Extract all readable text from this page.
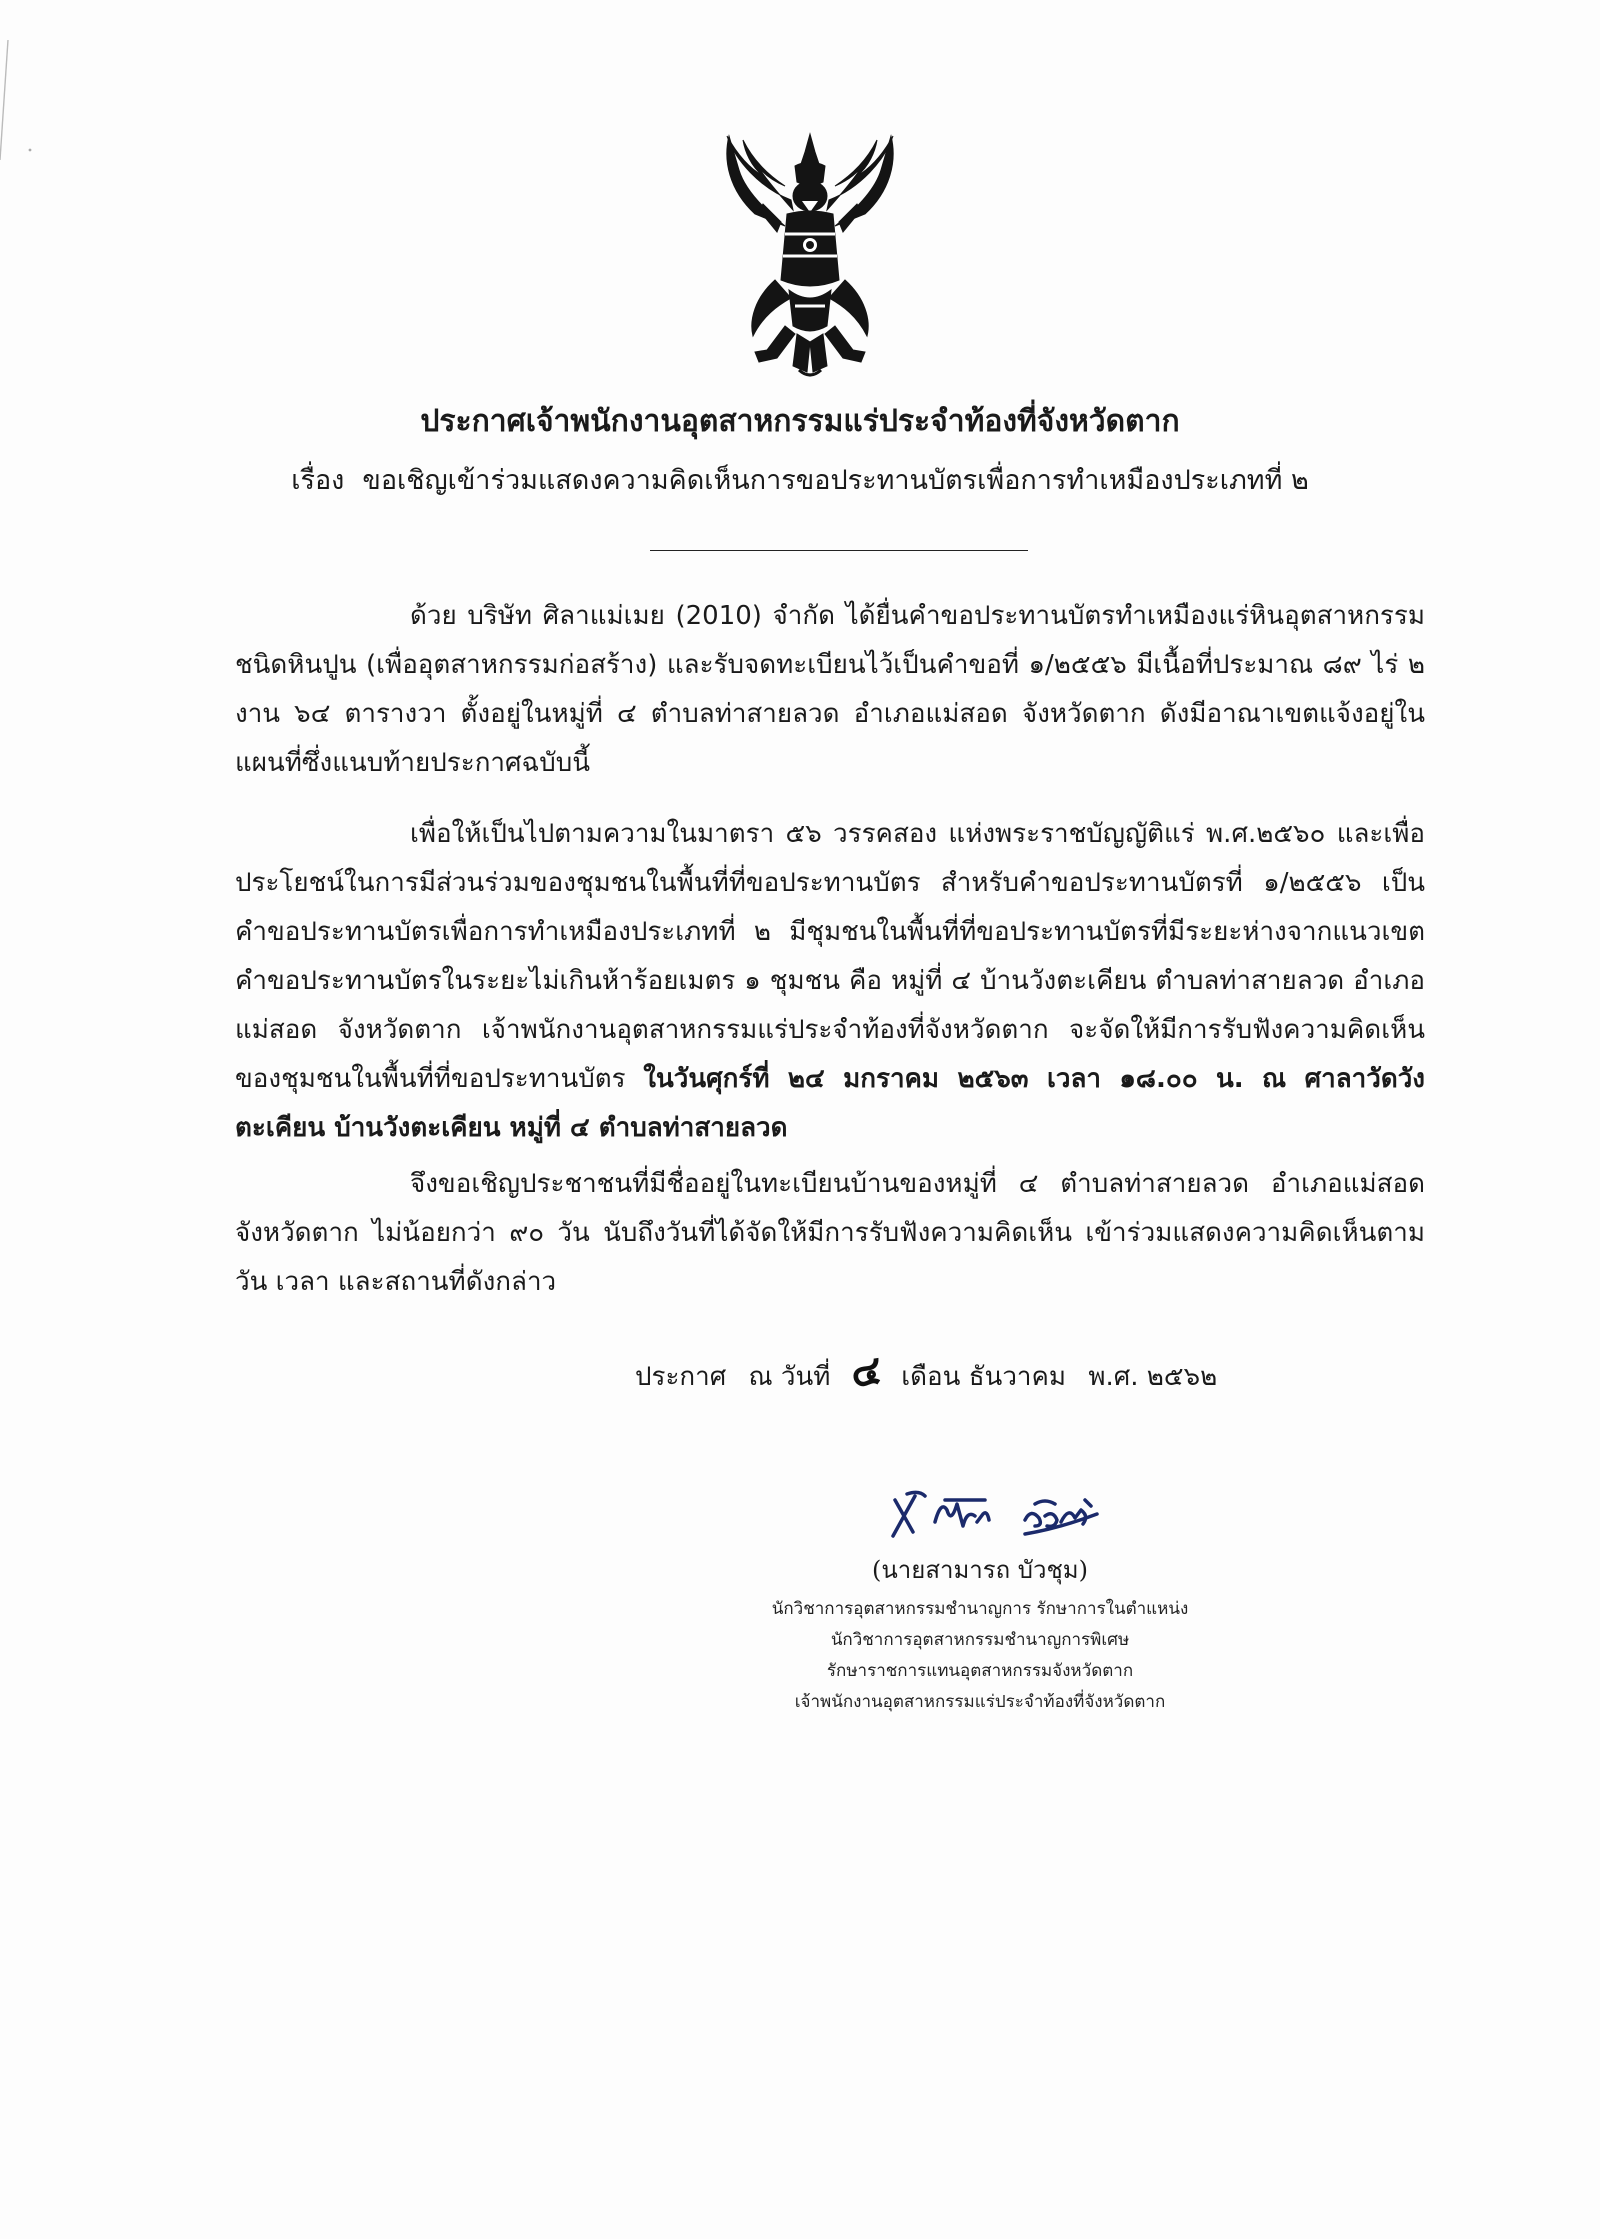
ประกาศเจ้าพนักงานอุตสาหกรรมแร่ประจำท้องที่จังหวัดตาก
เรื่อง ขอเชิญเข้าร่วมแสดงความคิดเห็นการขอประทานบัตรเพื่อการทำเหมืองประเภทที่ ๒

ด้วย บริษัท ศิลาแม่เมย (2010) จำกัด ได้ยื่นคำขอประทานบัตรทำเหมืองแร่หินอุตสาหกรรมชนิดหินปูน (เพื่ออุตสาหกรรมก่อสร้าง) และรับจดทะเบียนไว้เป็นคำขอที่ ๑/๒๕๕๖ มีเนื้อที่ประมาณ ๘๙ ไร่ ๒ งาน ๖๔ ตารางวา ตั้งอยู่ในหมู่ที่ ๔ ตำบลท่าสายลวด อำเภอแม่สอด จังหวัดตาก ดังมีอาณาเขตแจ้งอยู่ในแผนที่ซึ่งแนบท้ายประกาศฉบับนี้

เพื่อให้เป็นไปตามความในมาตรา ๕๖ วรรคสอง แห่งพระราชบัญญัติแร่ พ.ศ.๒๕๖๐ และเพื่อประโยชน์ในการมีส่วนร่วมของชุมชนในพื้นที่ที่ขอประทานบัตร สำหรับคำขอประทานบัตรที่ ๑/๒๕๕๖ เป็นคำขอประทานบัตรเพื่อการทำเหมืองประเภทที่ ๒ มีชุมชนในพื้นที่ที่ขอประทานบัตรที่มีระยะห่างจากแนวเขตคำขอประทานบัตรในระยะไม่เกินห้าร้อยเมตร ๑ ชุมชน คือ หมู่ที่ ๔ บ้านวังตะเคียน ตำบลท่าสายลวด อำเภอแม่สอด จังหวัดตาก เจ้าพนักงานอุตสาหกรรมแร่ประจำท้องที่จังหวัดตาก จะจัดให้มีการรับฟังความคิดเห็นของชุมชนในพื้นที่ที่ขอประทานบัตร ในวันศุกร์ที่ ๒๔ มกราคม ๒๕๖๓ เวลา ๑๘.๐๐ น. ณ ศาลาวัดวังตะเคียน บ้านวังตะเคียน หมู่ที่ ๔ ตำบลท่าสายลวด

จึงขอเชิญประชาชนที่มีชื่ออยู่ในทะเบียนบ้านของหมู่ที่ ๔ ตำบลท่าสายลวด อำเภอแม่สอด จังหวัดตาก ไม่น้อยกว่า ๙๐ วัน นับถึงวันที่ได้จัดให้มีการรับฟังความคิดเห็น เข้าร่วมแสดงความคิดเห็นตามวัน เวลา และสถานที่ดังกล่าว

ประกาศ ณ วันที่ ๔ เดือน ธันวาคม พ.ศ. ๒๕๖๒
(นายสามารถ บัวชุม)
นักวิชาการอุตสาหกรรมชำนาญการ รักษาการในตำแหน่ง
นักวิชาการอุตสาหกรรมชำนาญการพิเศษ
รักษาราชการแทนอุตสาหกรรมจังหวัดตาก
เจ้าพนักงานอุตสาหกรรมแร่ประจำท้องที่จังหวัดตาก
